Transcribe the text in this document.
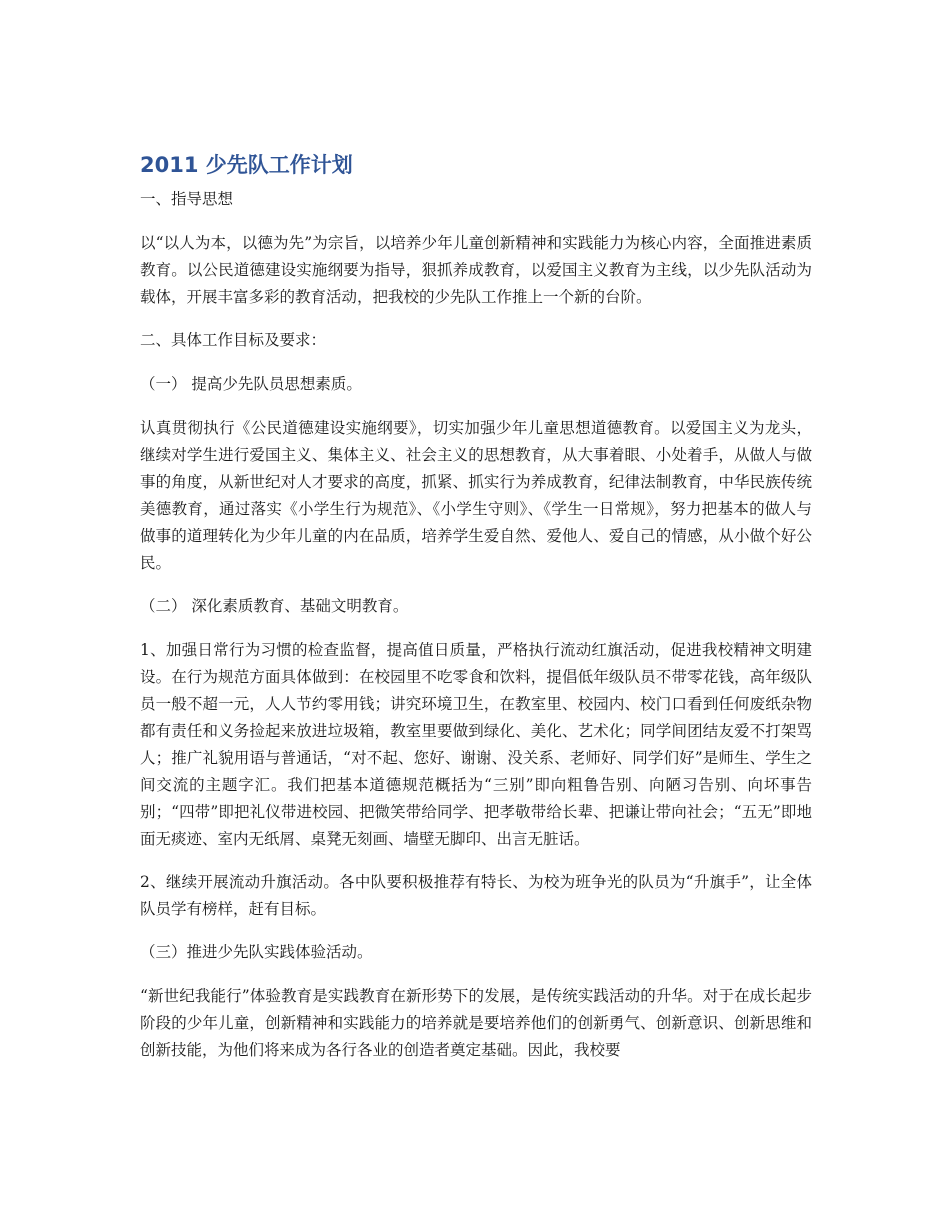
2011 少先队工作计划
一、指导思想

以“以人为本，以德为先”为宗旨，以培养少年儿童创新精神和实践能力为核心内容，全面推进素质教育。以公民道德建设实施纲要为指导，狠抓养成教育，以爱国主义教育为主线，以少先队活动为载体，开展丰富多彩的教育活动，把我校的少先队工作推上一个新的台阶。

二、具体工作目标及要求：
（一） 提高少先队员思想素质。

认真贯彻执行《公民道德建设实施纲要》，切实加强少年儿童思想道德教育。以爱国主义为龙头，继续对学生进行爱国主义、集体主义、社会主义的思想教育，从大事着眼、小处着手，从做人与做事的角度，从新世纪对人才要求的高度，抓紧、抓实行为养成教育，纪律法制教育，中华民族传统美德教育，通过落实《小学生行为规范》、《小学生守则》、《学生一日常规》，努力把基本的做人与做事的道理转化为少年儿童的内在品质，培养学生爱自然、爱他人、爱自己的情感，从小做个好公民。

（二） 深化素质教育、基础文明教育。

1、加强日常行为习惯的检查监督，提高值日质量，严格执行流动红旗活动，促进我校精神文明建设。在行为规范方面具体做到：在校园里不吃零食和饮料，提倡低年级队员不带零花钱，高年级队员一般不超一元，人人节约零用钱；讲究环境卫生，在教室里、校园内、校门口看到任何废纸杂物都有责任和义务捡起来放进垃圾箱，教室里要做到绿化、美化、艺术化；同学间团结友爱不打架骂人；推广礼貌用语与普通话，“对不起、您好、谢谢、没关系、老师好、同学们好”是师生、学生之间交流的主题字汇。我们把基本道德规范概括为“三别”即向粗鲁告别、向陋习告别、向坏事告别；“四带”即把礼仪带进校园、把微笑带给同学、把孝敬带给长辈、把谦让带向社会；“五无”即地面无痰迹、室内无纸屑、桌凳无刻画、墙壁无脚印、出言无脏话。

2、继续开展流动升旗活动。各中队要积极推荐有特长、为校为班争光的队员为“升旗手”，让全体队员学有榜样，赶有目标。

（三）推进少先队实践体验活动。

“新世纪我能行”体验教育是实践教育在新形势下的发展，是传统实践活动的升华。对于在成长起步阶段的少年儿童，创新精神和实践能力的培养就是要培养他们的创新勇气、创新意识、创新思维和创新技能，为他们将来成为各行各业的创造者奠定基础。因此，我校要
